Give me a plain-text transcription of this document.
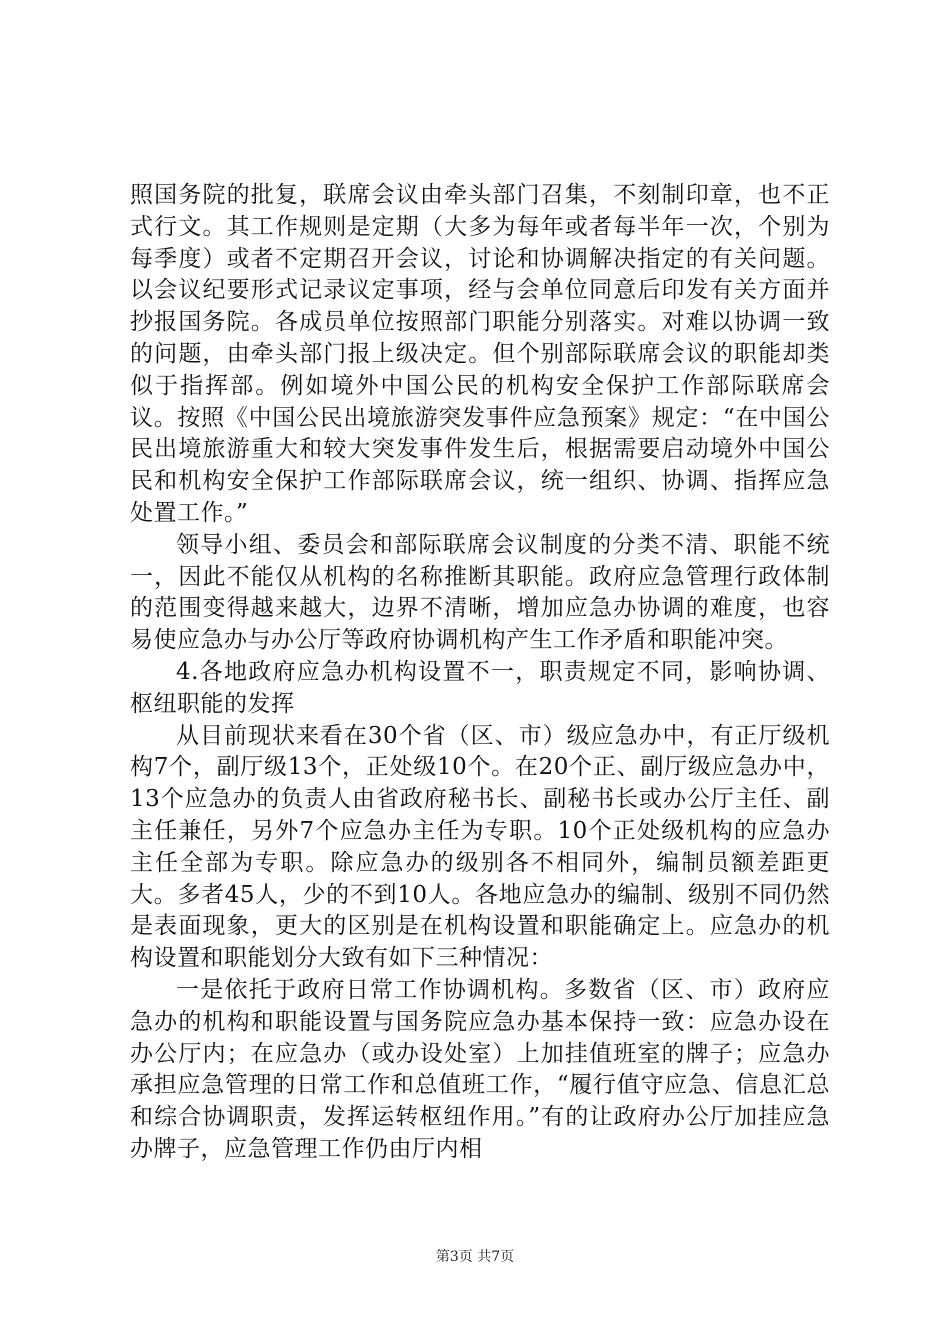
照国务院的批复，联席会议由牵头部门召集，不刻制印章，也不正式行文。其工作规则是定期（大多为每年或者每半年一次，个别为每季度）或者不定期召开会议，讨论和协调解决指定的有关问题。以会议纪要形式记录议定事项，经与会单位同意后印发有关方面并抄报国务院。各成员单位按照部门职能分别落实。对难以协调一致的问题，由牵头部门报上级决定。但个别部际联席会议的职能却类似于指挥部。例如境外中国公民的机构安全保护工作部际联席会议。按照《中国公民出境旅游突发事件应急预案》规定：“在中国公民出境旅游重大和较大突发事件发生后，根据需要启动境外中国公民和机构安全保护工作部际联席会议，统一组织、协调、指挥应急处置工作。”

领导小组、委员会和部际联席会议制度的分类不清、职能不统一，因此不能仅从机构的名称推断其职能。政府应急管理行政体制的范围变得越来越大，边界不清晰，增加应急办协调的难度，也容易使应急办与办公厅等政府协调机构产生工作矛盾和职能冲突。

4.各地政府应急办机构设置不一，职责规定不同，影响协调、枢纽职能的发挥

从目前现状来看在30个省（区、市）级应急办中，有正厅级机构7个，副厅级13个，正处级10个。在20个正、副厅级应急办中，13个应急办的负责人由省政府秘书长、副秘书长或办公厅主任、副主任兼任，另外7个应急办主任为专职。10个正处级机构的应急办主任全部为专职。除应急办的级别各不相同外，编制员额差距更大。多者45人，少的不到10人。各地应急办的编制、级别不同仍然是表面现象，更大的区别是在机构设置和职能确定上。应急办的机构设置和职能划分大致有如下三种情况：

一是依托于政府日常工作协调机构。多数省（区、市）政府应急办的机构和职能设置与国务院应急办基本保持一致：应急办设在办公厅内；在应急办（或办设处室）上加挂值班室的牌子；应急办承担应急管理的日常工作和总值班工作，“履行值守应急、信息汇总和综合协调职责，发挥运转枢纽作用。”有的让政府办公厅加挂应急办牌子，应急管理工作仍由厅内相

第3页 共7页
